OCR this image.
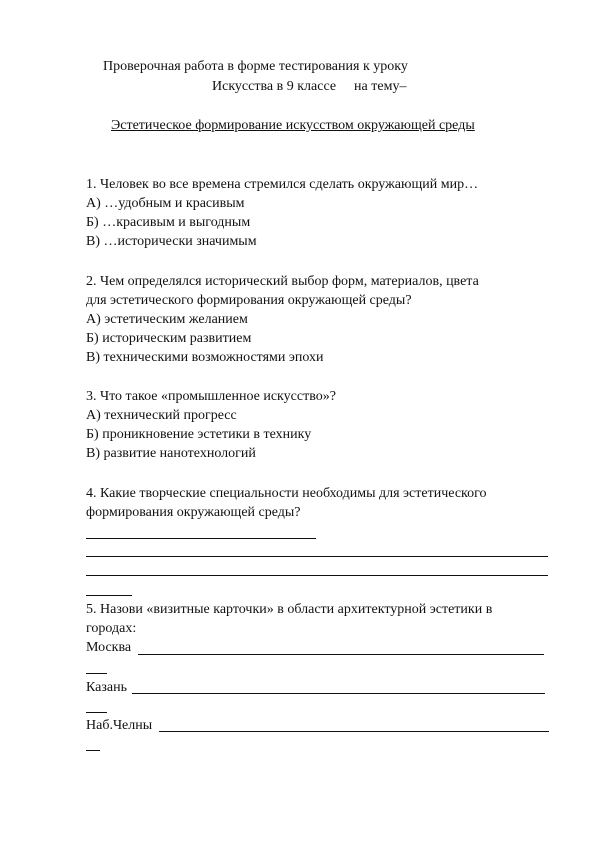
Проверочная работа в форме тестирования к уроку
Искусства в 9 классе на тему–
Эстетическое формирование искусством окружающей среды
1. Человек во все времена стремился сделать окружающий мир…
А) …удобным и красивым
Б) …красивым и выгодным
В) …исторически значимым
2. Чем определялся исторический выбор форм, материалов, цвета
для эстетического формирования окружающей среды?
А) эстетическим желанием
Б) историческим развитием
В) техническими возможностями эпохи
3. Что такое «промышленное искусство»?
А) технический прогресс
Б) проникновение эстетики в технику
В) развитие нанотехнологий
4. Какие творческие специальности необходимы для эстетического
формирования окружающей среды?
5. Назови «визитные карточки» в области архитектурной эстетики в
городах:
Москва
Казань
Наб.Челны
